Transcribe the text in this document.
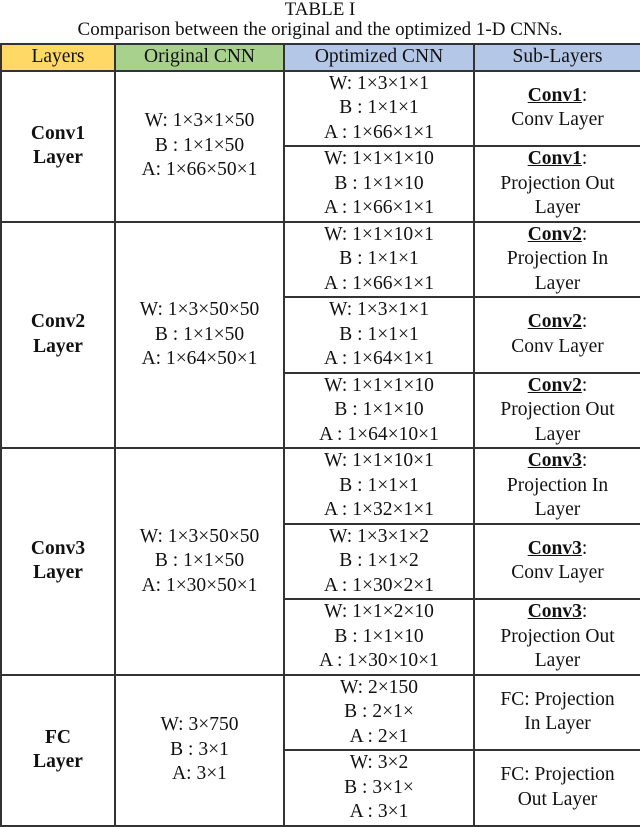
TABLE I
Comparison between the original and the optimized 1-D CNNs.
Layers	Original CNN	Optimized CNN	Sub-Layers

Conv1
Layer	W: 1×3×1×50
B : 1×1×50
A: 1×66×50×1	W: 1×3×1×1
B : 1×1×1
A : 1×66×1×1	Conv1:
Conv Layer

		W: 1×1×1×10
B : 1×1×10
A : 1×66×1×1	Conv1:
Projection Out
Layer

Conv2
Layer	W: 1×3×50×50
B : 1×1×50
A: 1×64×50×1	W: 1×1×10×1
B : 1×1×1
A : 1×66×1×1	Conv2:
Projection In
Layer

		W: 1×3×1×1
B : 1×1×1
A : 1×64×1×1	Conv2:
Conv Layer

		W: 1×1×1×10
B : 1×1×10
A : 1×64×10×1	Conv2:
Projection Out
Layer

Conv3
Layer	W: 1×3×50×50
B : 1×1×50
A: 1×30×50×1	W: 1×1×10×1
B : 1×1×1
A : 1×32×1×1	Conv3:
Projection In
Layer

		W: 1×3×1×2
B : 1×1×2
A : 1×30×2×1	Conv3:
Conv Layer

		W: 1×1×2×10
B : 1×1×10
A : 1×30×10×1	Conv3:
Projection Out
Layer

FC
Layer	W: 3×750
B : 3×1
A: 3×1	W: 2×150
B : 2×1×
A : 2×1	FC: Projection
In Layer

		W: 3×2
B : 3×1×
A : 3×1	FC: Projection
Out Layer
